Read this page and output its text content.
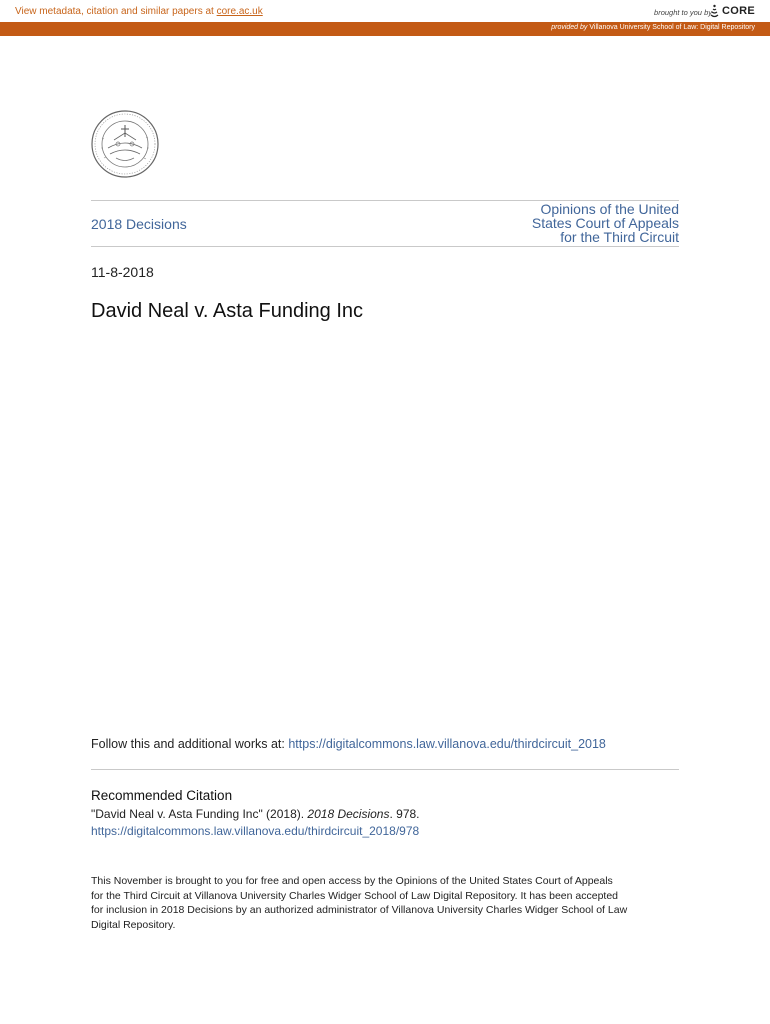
View metadata, citation and similar papers at core.ac.uk	brought to you by CORE
provided by Villanova University School of Law: Digital Repository
2018 Decisions
Opinions of the United
States Court of Appeals
for the Third Circuit
11-8-2018
David Neal v. Asta Funding Inc
Follow this and additional works at: https://digitalcommons.law.villanova.edu/thirdcircuit_2018
Recommended Citation
"David Neal v. Asta Funding Inc" (2018). 2018 Decisions. 978.
https://digitalcommons.law.villanova.edu/thirdcircuit_2018/978
This November is brought to you for free and open access by the Opinions of the United States Court of Appeals
for the Third Circuit at Villanova University Charles Widger School of Law Digital Repository. It has been accepted
for inclusion in 2018 Decisions by an authorized administrator of Villanova University Charles Widger School of Law
Digital Repository.
